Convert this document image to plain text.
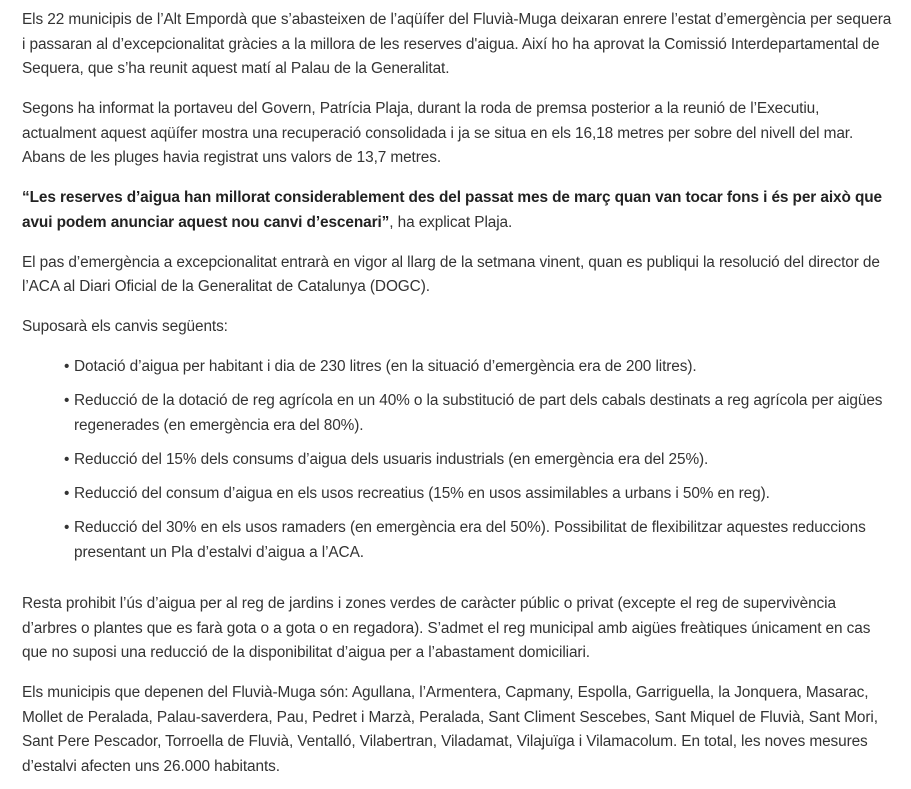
Els 22 municipis de l’Alt Empordà que s’abasteixen de l’aqüífer del Fluvià-Muga deixaran enrere l’estat d’emergència per sequera i passaran al d’excepcionalitat gràcies a la millora de les reserves d'aigua. Així ho ha aprovat la Comissió Interdepartamental de Sequera, que s’ha reunit aquest matí al Palau de la Generalitat.

Segons ha informat la portaveu del Govern, Patrícia Plaja, durant la roda de premsa posterior a la reunió de l’Executiu, actualment aquest aqüífer mostra una recuperació consolidada i ja se situa en els 16,18 metres per sobre del nivell del mar. Abans de les pluges havia registrat uns valors de 13,7 metres.

“Les reserves d’aigua han millorat considerablement des del passat mes de març quan van tocar fons i és per això que avui podem anunciar aquest nou canvi d’escenari”, ha explicat Plaja.

El pas d’emergència a excepcionalitat entrarà en vigor al llarg de la setmana vinent, quan es publiqui la resolució del director de l’ACA al Diari Oficial de la Generalitat de Catalunya (DOGC).

Suposarà els canvis següents:

• Dotació d’aigua per habitant i dia de 230 litres (en la situació d’emergència era de 200 litres).
• Reducció de la dotació de reg agrícola en un 40% o la substitució de part dels cabals destinats a reg agrícola per aigües regenerades (en emergència era del 80%).
• Reducció del 15% dels consums d’aigua dels usuaris industrials (en emergència era del 25%).
• Reducció del consum d’aigua en els usos recreatius (15% en usos assimilables a urbans i 50% en reg).
• Reducció del 30% en els usos ramaders (en emergència era del 50%). Possibilitat de flexibilitzar aquestes reduccions presentant un Pla d’estalvi d’aigua a l’ACA.

Resta prohibit l’ús d’aigua per al reg de jardins i zones verdes de caràcter públic o privat (excepte el reg de supervivència d’arbres o plantes que es farà gota o a gota o en regadora). S’admet el reg municipal amb aigües freàtiques únicament en cas que no suposi una reducció de la disponibilitat d’aigua per a l’abastament domiciliari.

Els municipis que depenen del Fluvià-Muga són: Agullana, l’Armentera, Capmany, Espolla, Garriguella, la Jonquera, Masarac, Mollet de Peralada, Palau-saverdera, Pau, Pedret i Marzà, Peralada, Sant Climent Sescebes, Sant Miquel de Fluvià, Sant Mori, Sant Pere Pescador, Torroella de Fluvià, Ventalló, Vilabertran, Viladamat, Vilajuïga i Vilamacolum. En total, les noves mesures d’estalvi afecten uns 26.000 habitants.
